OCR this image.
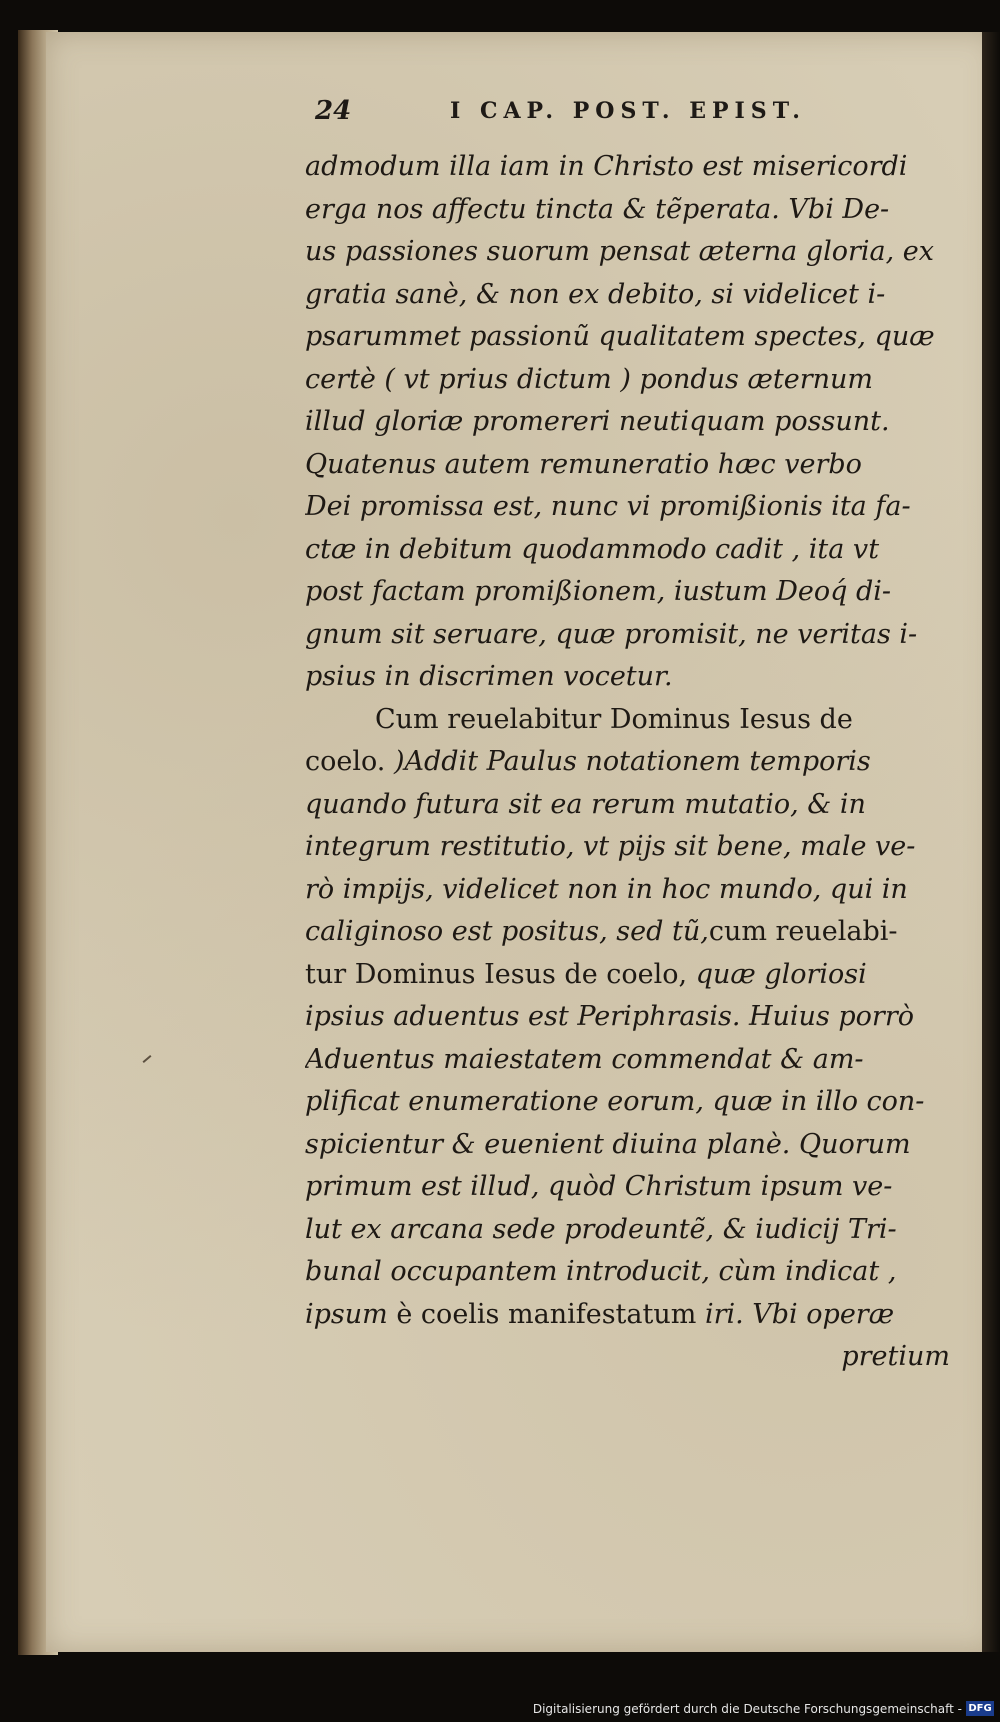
24	I CAP. POST. EPIST.
admodum illa iam in Christo est misericordi
erga nos affectu tincta & tẽperata. Vbi De-
us passiones suorum pensat æterna gloria, ex
gratia sanè, & non ex debito, si videlicet i-
psarummet passionũ qualitatem spectes, quæ
certè ( vt prius dictum ) pondus æternum
illud gloriæ promereri neutiquam possunt.
Quatenus autem remuneratio hæc verbo
Dei promissa est, nunc vi promißionis ita fa-
ctæ in debitum quodammodo cadit , ita vt
post factam promißionem, iustum Deoq́ di-
gnum sit seruare, quæ promisit, ne veritas i-
psius in discrimen vocetur.
Cum reuelabitur Dominus Iesus de
coelo. )Addit Paulus notationem temporis
quando futura sit ea rerum mutatio, & in
integrum restitutio, vt pijs sit bene, male ve-
rò impijs, videlicet non in hoc mundo, qui in
caliginoso est positus, sed tũ,cum reuelabi-
tur Dominus Iesus de coelo, quæ gloriosi
ipsius aduentus est Periphrasis. Huius porrò
Aduentus maiestatem commendat & am-
plificat enumeratione eorum, quæ in illo con-
spicientur & euenient diuina planè. Quorum
primum est illud, quòd Christum ipsum ve-
lut ex arcana sede prodeuntẽ, & iudicij Tri-
bunal occupantem introducit, cùm indicat ,
ipsum è coelis manifestatum iri. Vbi operæ
pretium
Digitalisierung gefördert durch die Deutsche Forschungsgemeinschaft - DFG
